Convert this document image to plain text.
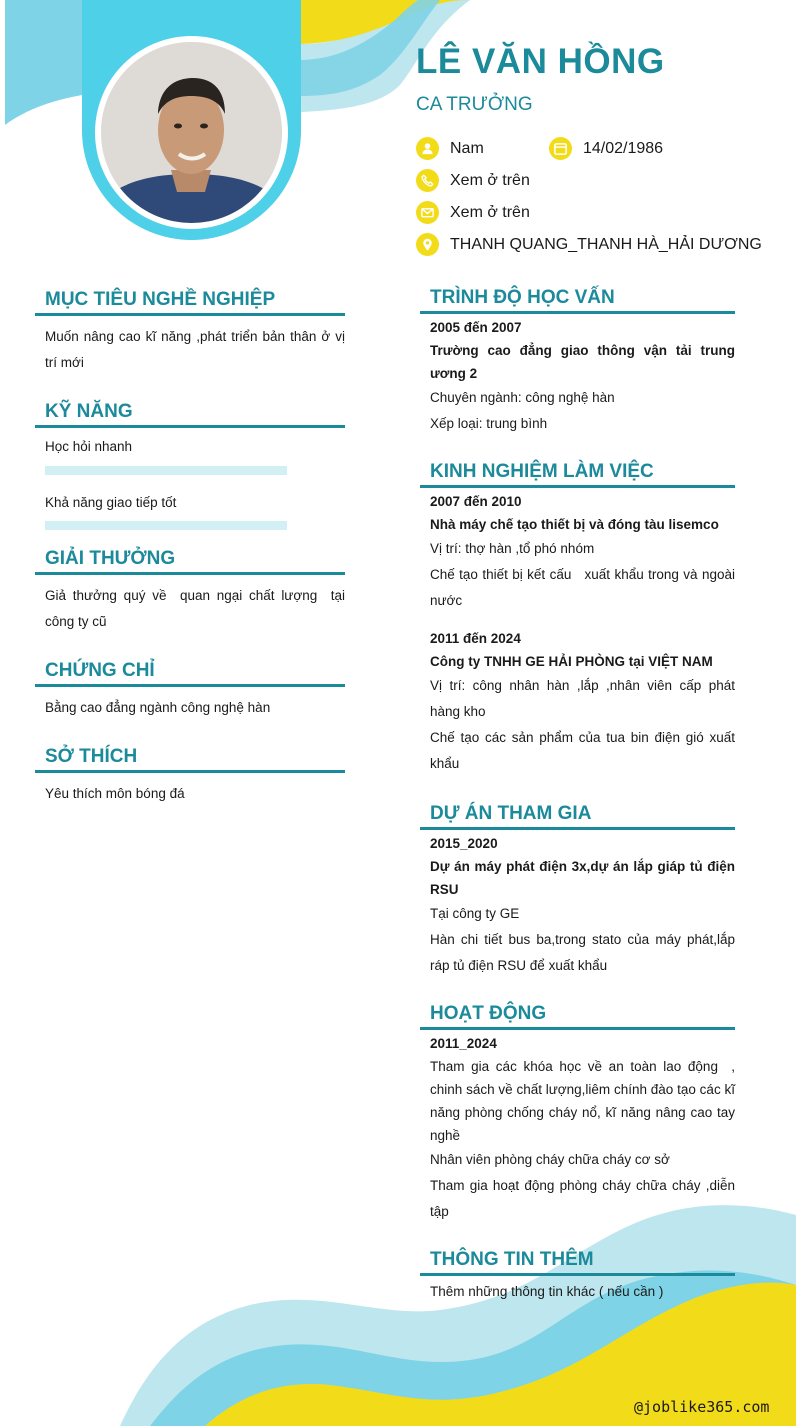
LÊ VĂN HỒNG
CA TRƯỞNG
Nam	14/02/1986
Xem ở trên
Xem ở trên
THANH QUANG_THANH HÀ_HẢI DƯƠNG
MỤC TIÊU NGHỀ NGHIỆP
Muốn nâng cao kĩ năng ,phát triển bản thân ở vị trí mới
KỸ NĂNG
Học hỏi nhanh
Khả năng giao tiếp tốt
GIẢI THƯỞNG
Giả thưởng quý về  quan ngại chất lượng  tại công ty cũ
CHỨNG CHỈ
Bằng cao đẳng ngành công nghệ hàn
SỞ THÍCH
Yêu thích môn bóng đá
TRÌNH ĐỘ HỌC VẤN
2005 đến 2007
Trường cao đẳng giao thông vận tải trung ương 2
Chuyên ngành: công nghệ hàn
Xếp loại: trung bình
KINH NGHIỆM LÀM VIỆC
2007 đến 2010
Nhà máy chế tạo thiết bị và đóng tàu lisemco
Vị trí: thợ hàn ,tổ phó nhóm
Chế tạo thiết bị kết cấu   xuất khẩu trong và ngoài nước
2011 đến 2024
Công ty TNHH GE HẢI PHÒNG tại VIỆT NAM
Vị trí: công nhân hàn ,lắp ,nhân viên cấp phát hàng kho
Chế tạo các sản phẩm của tua bin điện gió xuất khẩu
DỰ ÁN THAM GIA
2015_2020
Dự án máy phát điện 3x,dự án lắp giáp tủ điện RSU
Tại công ty GE
Hàn chi tiết bus ba,trong stato của máy phát,lắp ráp tủ điện RSU để xuất khẩu
HOẠT ĐỘNG
2011_2024
Tham gia các khóa học về an toàn lao động  , chinh sách về chất lượng,liêm chính đào tạo các kĩ năng phòng chống cháy nổ, kĩ năng nâng cao tay nghề
Nhân viên phòng cháy chữa cháy cơ sở
Tham gia hoạt động phòng cháy chữa cháy ,diễn tập
THÔNG TIN THÊM
Thêm những thông tin khác ( nếu cần )
@joblike365.com
